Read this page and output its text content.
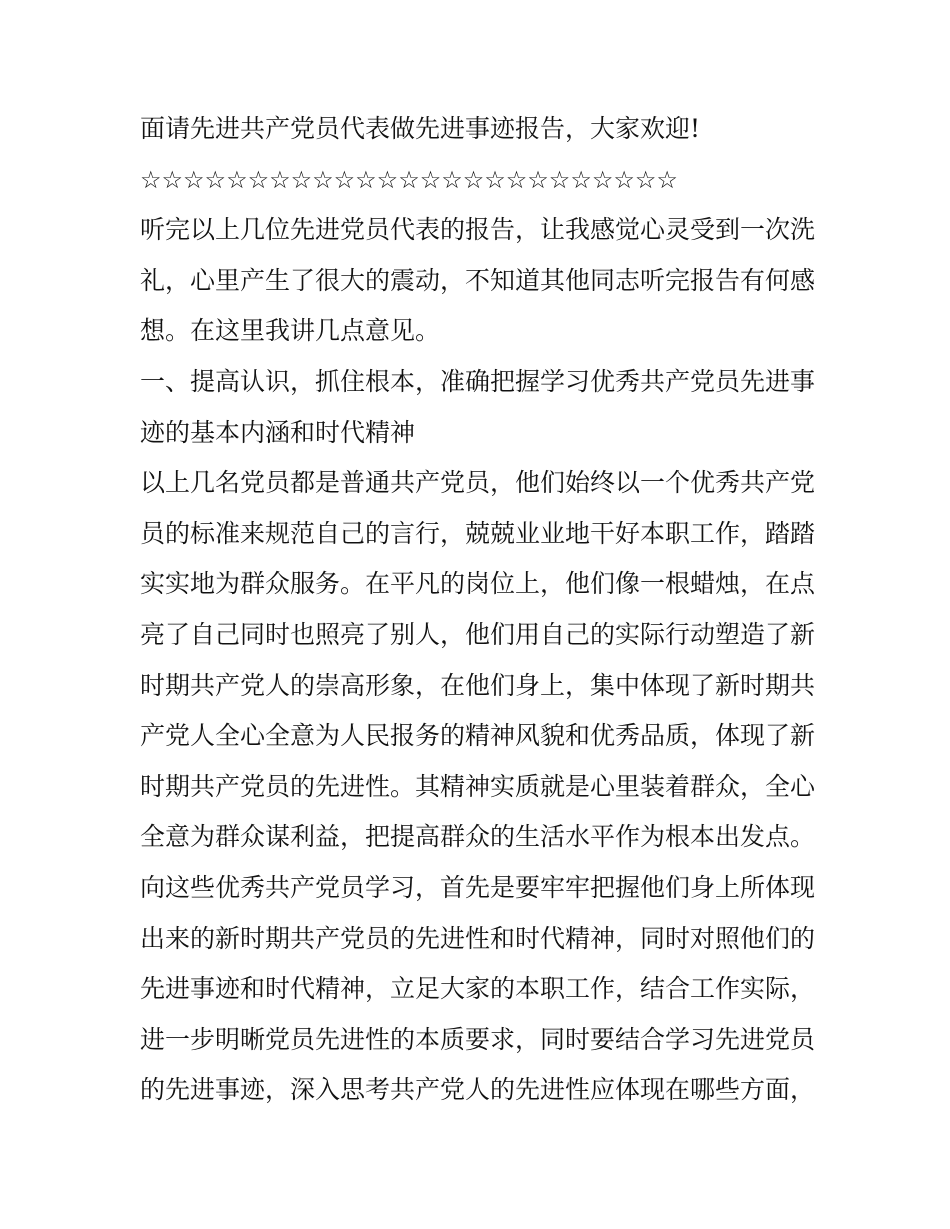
面请先进共产党员代表做先进事迹报告，大家欢迎!
☆☆☆☆☆☆☆☆☆☆☆☆☆☆☆☆☆☆☆☆☆☆☆☆☆
听完以上几位先进党员代表的报告，让我感觉心灵受到一次洗
礼，心里产生了很大的震动，不知道其他同志听完报告有何感
想。在这里我讲几点意见。
一、提高认识，抓住根本，准确把握学习优秀共产党员先进事
迹的基本内涵和时代精神
以上几名党员都是普通共产党员，他们始终以一个优秀共产党
员的标准来规范自己的言行，兢兢业业地干好本职工作，踏踏
实实地为群众服务。在平凡的岗位上，他们像一根蜡烛，在点
亮了自己同时也照亮了别人，他们用自己的实际行动塑造了新
时期共产党人的崇高形象，在他们身上，集中体现了新时期共
产党人全心全意为人民报务的精神风貌和优秀品质，体现了新
时期共产党员的先进性。其精神实质就是心里装着群众，全心
全意为群众谋利益，把提高群众的生活水平作为根本出发点。
向这些优秀共产党员学习，首先是要牢牢把握他们身上所体现
出来的新时期共产党员的先进性和时代精神，同时对照他们的
先进事迹和时代精神，立足大家的本职工作，结合工作实际，
进一步明晰党员先进性的本质要求，同时要结合学习先进党员
的先进事迹，深入思考共产党人的先进性应体现在哪些方面，
